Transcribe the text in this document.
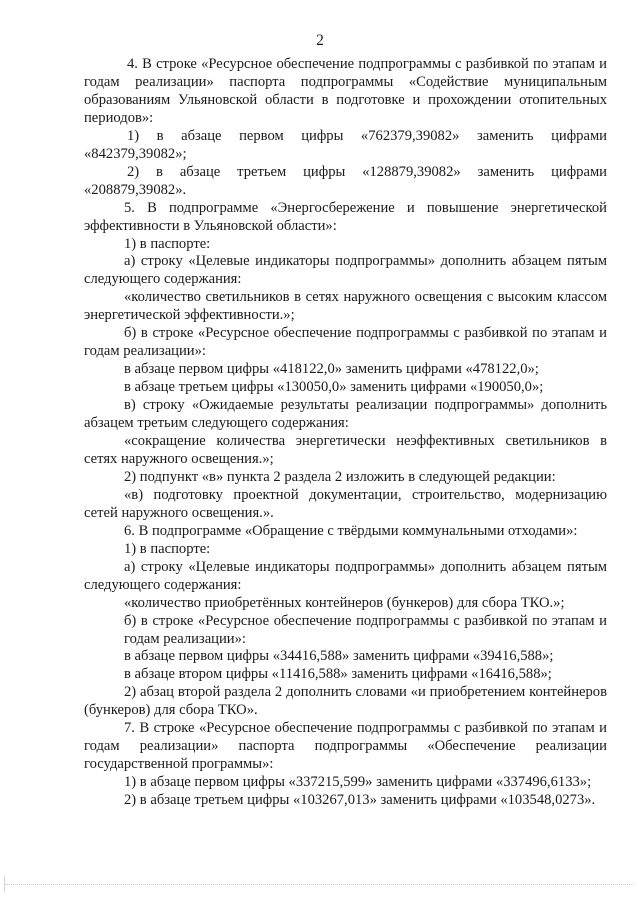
2

4. В строке «Ресурсное обеспечение подпрограммы с разбивкой по этапам и годам реализации» паспорта подпрограммы «Содействие муниципальным образованиям Ульяновской области в подготовке и прохождении отопительных периодов»:

1) в абзаце первом цифры «762379,39082» заменить цифрами «842379,39082»;

2) в абзаце третьем цифры «128879,39082» заменить цифрами «208879,39082».

5. В подпрограмме «Энергосбережение и повышение энергетической эффективности в Ульяновской области»:

1) в паспорте:

а) строку «Целевые индикаторы подпрограммы» дополнить абзацем пятым следующего содержания:

«количество светильников в сетях наружного освещения с высоким классом энергетической эффективности.»;

б) в строке «Ресурсное обеспечение подпрограммы с разбивкой по этапам и годам реализации»:

в абзаце первом цифры «418122,0» заменить цифрами «478122,0»;

в абзаце третьем цифры «130050,0» заменить цифрами «190050,0»;

в) строку «Ожидаемые результаты реализации подпрограммы» дополнить абзацем третьим следующего содержания:

«сокращение количества энергетически неэффективных светильников в сетях наружного освещения.»;

2) подпункт «в» пункта 2 раздела 2 изложить в следующей редакции:

«в) подготовку проектной документации, строительство, модернизацию сетей наружного освещения.».

6. В подпрограмме «Обращение с твёрдыми коммунальными отходами»:

1) в паспорте:

а) строку «Целевые индикаторы подпрограммы» дополнить абзацем пятым следующего содержания:

«количество приобретённых контейнеров (бункеров) для сбора ТКО.»;

б) в строке «Ресурсное обеспечение подпрограммы с разбивкой по этапам и годам реализации»:

в абзаце первом цифры «34416,588» заменить цифрами «39416,588»;

в абзаце втором цифры «11416,588» заменить цифрами «16416,588»;

2) абзац второй раздела 2 дополнить словами «и приобретением контейнеров (бункеров) для сбора ТКО».

7. В строке «Ресурсное обеспечение подпрограммы с разбивкой по этапам и годам реализации» паспорта подпрограммы «Обеспечение реализации государственной программы»:

1) в абзаце первом цифры «337215,599» заменить цифрами «337496,6133»;

2) в абзаце третьем цифры «103267,013» заменить цифрами «103548,0273».
